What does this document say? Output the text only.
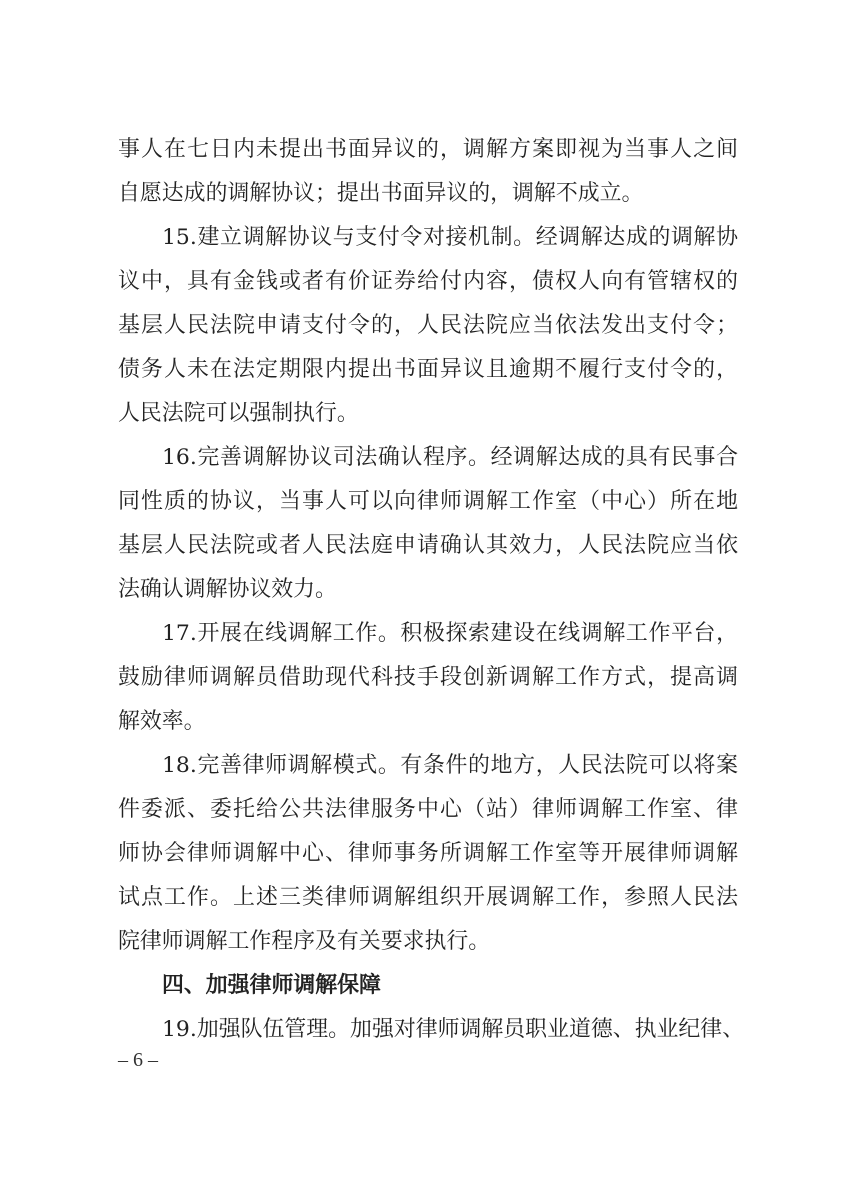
事人在七日内未提出书面异议的，调解方案即视为当事人之间
自愿达成的调解协议；提出书面异议的，调解不成立。
15.建立调解协议与支付令对接机制。经调解达成的调解协
议中，具有金钱或者有价证券给付内容，债权人向有管辖权的
基层人民法院申请支付令的，人民法院应当依法发出支付令；
债务人未在法定期限内提出书面异议且逾期不履行支付令的，
人民法院可以强制执行。
16.完善调解协议司法确认程序。经调解达成的具有民事合
同性质的协议，当事人可以向律师调解工作室（中心）所在地
基层人民法院或者人民法庭申请确认其效力，人民法院应当依
法确认调解协议效力。
17.开展在线调解工作。积极探索建设在线调解工作平台，
鼓励律师调解员借助现代科技手段创新调解工作方式，提高调
解效率。
18.完善律师调解模式。有条件的地方，人民法院可以将案
件委派、委托给公共法律服务中心（站）律师调解工作室、律
师协会律师调解中心、律师事务所调解工作室等开展律师调解
试点工作。上述三类律师调解组织开展调解工作，参照人民法
院律师调解工作程序及有关要求执行。
四、加强律师调解保障
19.加强队伍管理。加强对律师调解员职业道德、执业纪律、
– 6 –
